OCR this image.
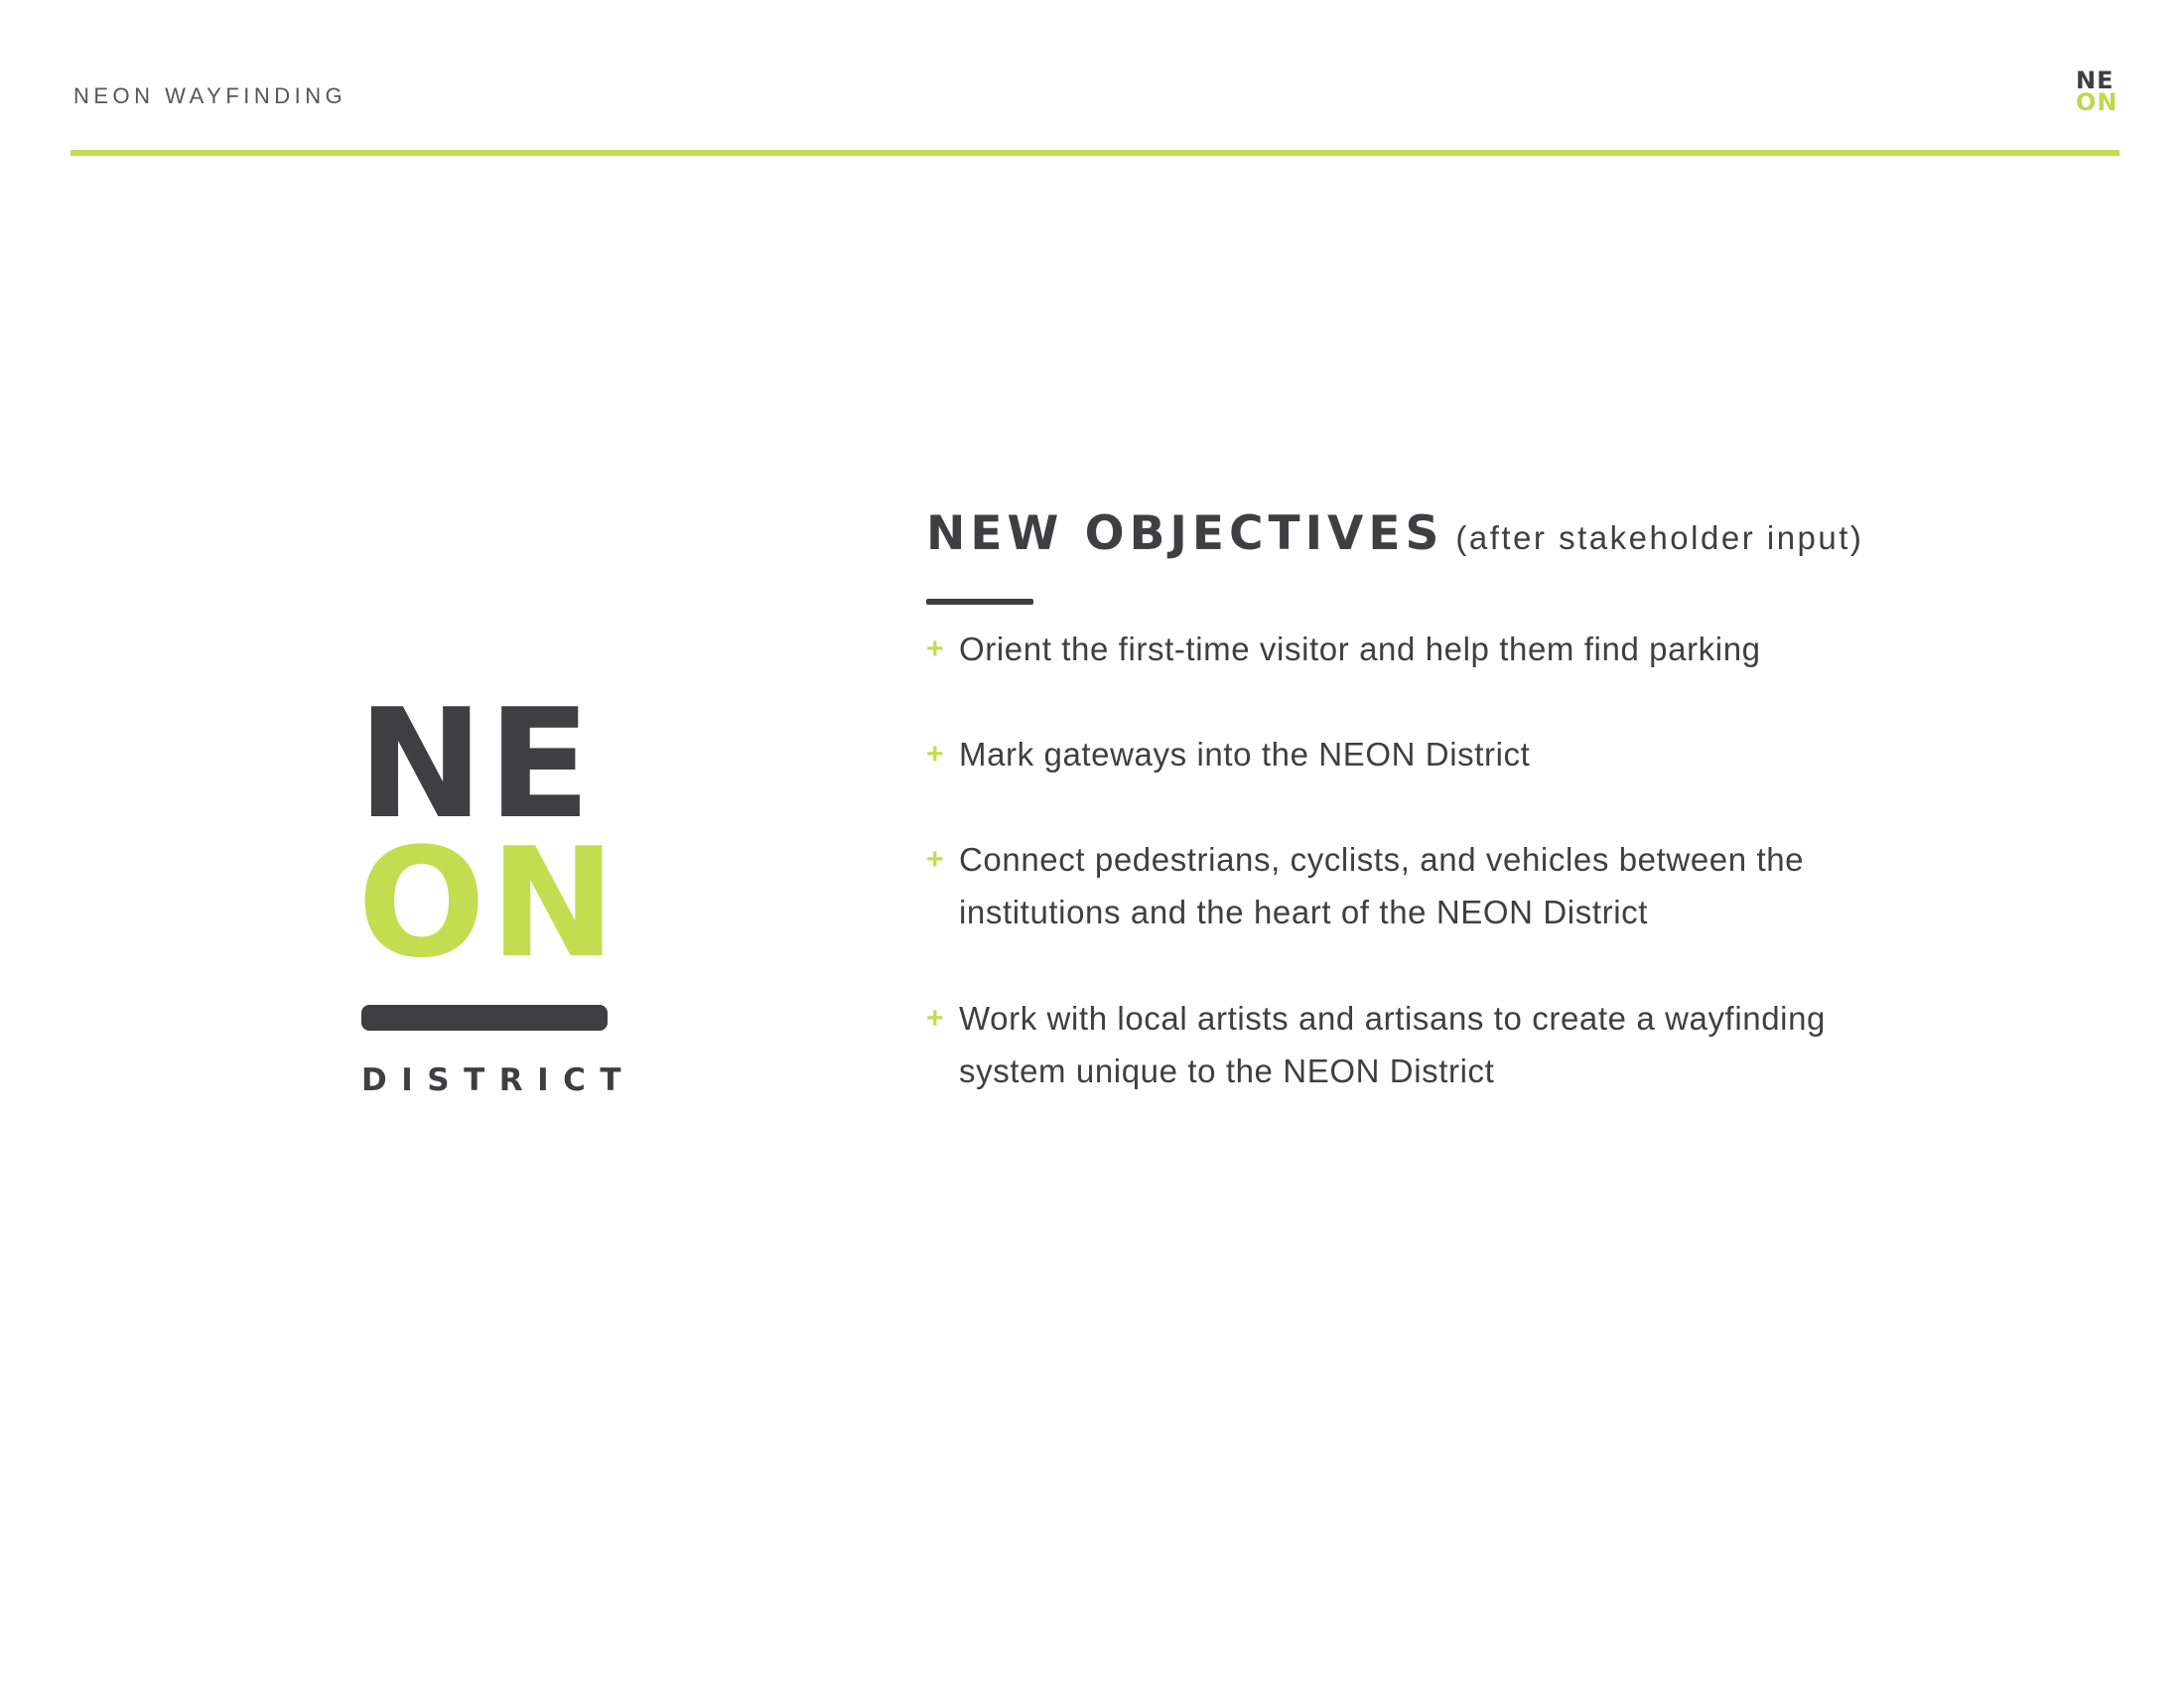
NEON WAYFINDING
NE
ON
NE
ON
DISTRICT
NEW OBJECTIVES (after stakeholder input)
+ Orient the first-time visitor and help them find parking
+ Mark gateways into the NEON District
+ Connect pedestrians, cyclists, and vehicles between the
institutions and the heart of the NEON District
+ Work with local artists and artisans to create a wayfinding
system unique to the NEON District
